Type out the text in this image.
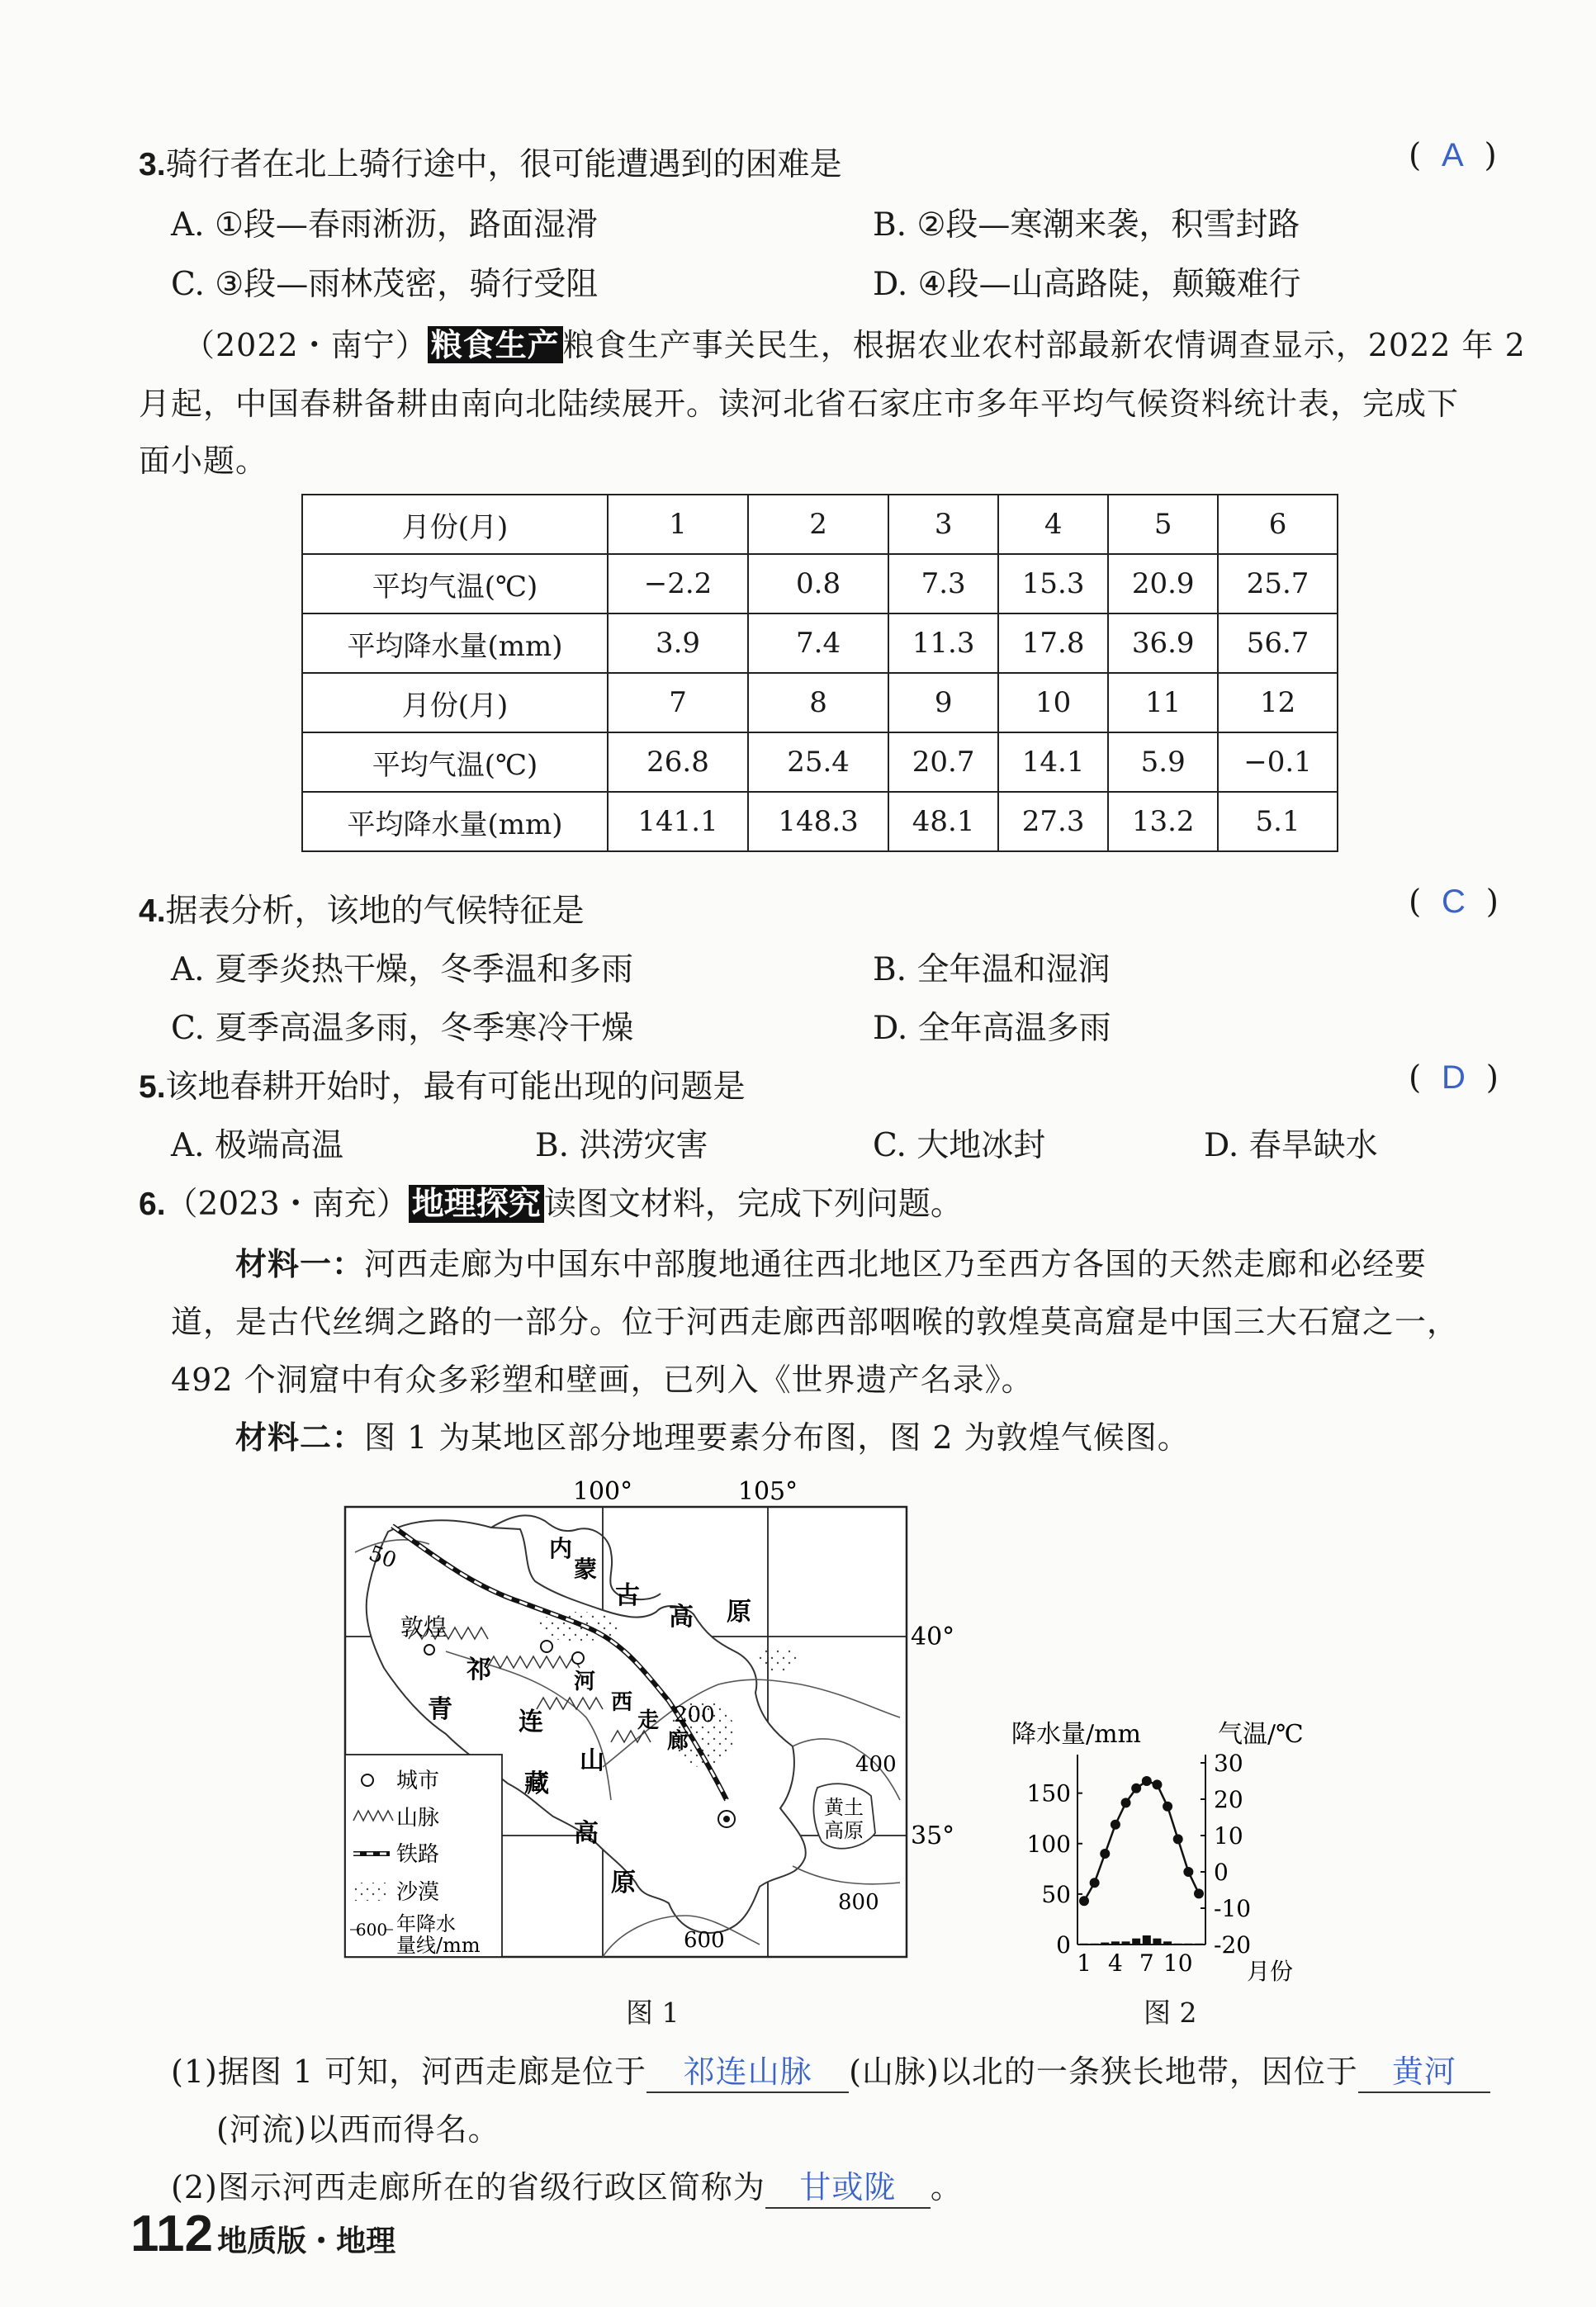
3.骑行者在北上骑行途中，很可能遭遇到的困难是	(  A  )
A. ①段—春雨淅沥，路面湿滑	B. ②段—寒潮来袭，积雪封路
C. ③段—雨林茂密，骑行受阻	D. ④段—山高路陡，颠簸难行
（2022・南宁） 粮食生产 粮食生产事关民生，根据农业农村部最新农情调查显示，2022 年 2
月起，中国春耕备耕由南向北陆续展开。读河北省石家庄市多年平均气候资料统计表，完成下
面小题。
月份(月)	1	2	3	4	5	6
平均气温(℃)	−2.2	0.8	7.3	15.3	20.9	25.7
平均降水量(mm)	3.9	7.4	11.3	17.8	36.9	56.7
月份(月)	7	8	9	10	11	12
平均气温(℃)	26.8	25.4	20.7	14.1	5.9	−0.1
平均降水量(mm)	141.1	148.3	48.1	27.3	13.2	5.1
4.据表分析，该地的气候特征是	(  C  )
A. 夏季炎热干燥，冬季温和多雨	B. 全年温和湿润
C. 夏季高温多雨，冬季寒冷干燥	D. 全年高温多雨
5.该地春耕开始时，最有可能出现的问题是	(  D  )
A. 极端高温	B. 洪涝灾害	C. 大地冰封	D. 春旱缺水
6.（2023・南充） 地理探究 读图文材料，完成下列问题。
材料一：河西走廊为中国东中部腹地通往西北地区乃至西方各国的天然走廊和必经要
道，是古代丝绸之路的一部分。位于河西走廊西部咽喉的敦煌莫高窟是中国三大石窟之一，
492 个洞窟中有众多彩塑和壁画，已列入《世界遗产名录》。
材料二：图 1 为某地区部分地理要素分布图，图 2 为敦煌气候图。
100°	105°
40°
35°
50
200
400
600
800
敦煌
内
蒙
古
高 原
祁
连
山
河
西
走
廊
青
藏
高
原
黄土
高原
城市
山脉
铁路
沙漠
600 年降水
量线/mm
图 1
降水量/mm	气温/℃
0
50
100
150
30
20
10
0
-10
-20
1 4 7 10 月份
图 2
(1)据图 1 可知，河西走廊是位于 祁连山脉 (山脉)以北的一条狭长地带，因位于 黄河
(河流)以西而得名。
(2)图示河西走廊所在的省级行政区简称为 甘或陇 。
112 地质版・地理
